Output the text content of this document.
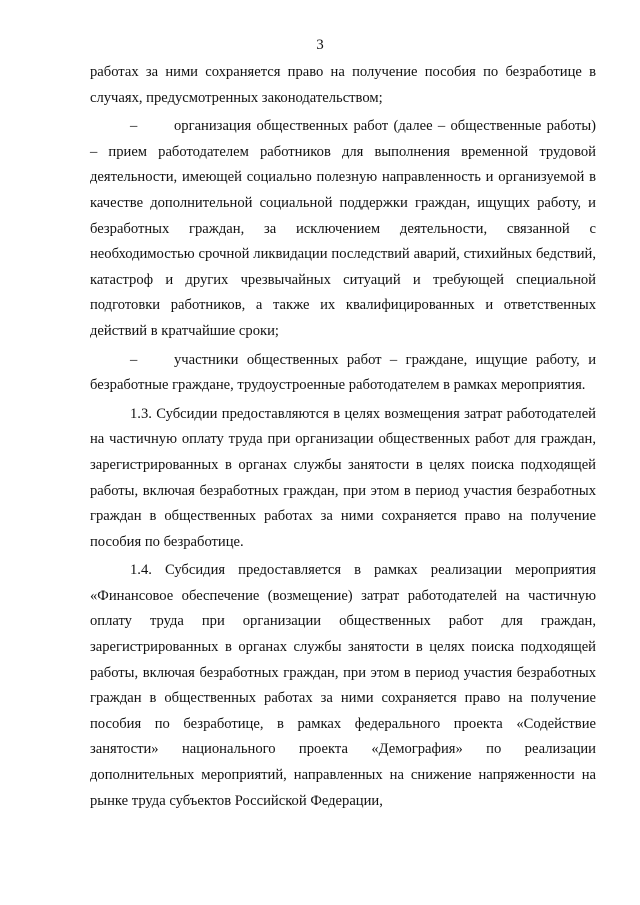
3

работах за ними сохраняется право на получение пособия по безработице в случаях, предусмотренных законодательством;

–	организация общественных работ (далее – общественные работы) – прием работодателем работников для выполнения временной трудовой деятельности, имеющей социально полезную направленность и организуемой в качестве дополнительной социальной поддержки граждан, ищущих работу, и безработных граждан, за исключением деятельности, связанной с необходимостью срочной ликвидации последствий аварий, стихийных бедствий, катастроф и других чрезвычайных ситуаций и требующей специальной подготовки работников, а также их квалифицированных и ответственных действий в кратчайшие сроки;

–	участники общественных работ – граждане, ищущие работу, и безработные граждане, трудоустроенные работодателем в рамках мероприятия.

1.3. Субсидии предоставляются в целях возмещения затрат работодателей на частичную оплату труда при организации общественных работ для граждан, зарегистрированных в органах службы занятости в целях поиска подходящей работы, включая безработных граждан, при этом в период участия безработных граждан в общественных работах за ними сохраняется право на получение пособия по безработице.

1.4. Субсидия предоставляется в рамках реализации мероприятия «Финансовое обеспечение (возмещение) затрат работодателей на частичную оплату труда при организации общественных работ для граждан, зарегистрированных в органах службы занятости в целях поиска подходящей работы, включая безработных граждан, при этом в период участия безработных граждан в общественных работах за ними сохраняется право на получение пособия по безработице, в рамках федерального проекта «Содействие занятости» национального проекта «Демография» по реализации дополнительных мероприятий, направленных на снижение напряженности на рынке труда субъектов Российской Федерации,
